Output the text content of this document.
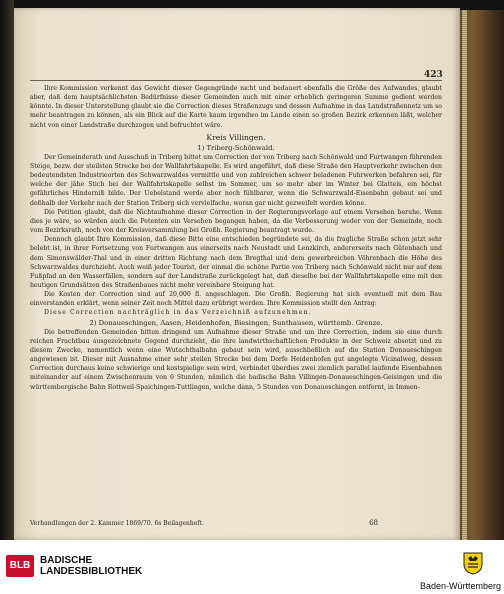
423

Ihre Kommission verkennt das Gewicht dieser Gegengründe nicht und bedauert ebenfalls die Größe des Aufwandes, glaubt aber, daß dem hauptsächlichsten Bedürfnisse dieser Gemeinden auch mit einer erheblich geringeren Summe gedient werden könnte. In dieser Unterstellung glaubt sie die Correction dieses Straßenzugs und dessen Aufnahme in das Landstraßennetz um so mehr beantragen zu können, als ein Blick auf die Karte kaum irgendwo im Lande einen so großen Bezirk erkennen läßt, welcher nicht von einer Landstraße durchzogen und befruchtet wäre.

Kreis Villingen.

1) Triberg-Schönwald.

Der Gemeinderath und Ausschuß in Triberg bittet um Correction der von Triberg nach Schönwald und Furtwangen führenden Steige, bezw. der steilsten Strecke bei der Wallfahrtskapelle. Es wird angeführt, daß diese Straße den Hauptverkehr zwischen den bedeutendsten Industrieorten des Schwarzwaldes vermittle und von zahlreichen schwer beladenen Fuhrwerken befahren sei, für welche der jähe Stich bei der Wallfahrtskapelle selbst im Sommer, um so mehr aber im Winter bei Glatteis, ein höchst gefährliches Hinderniß bilde. Der Uebelstand werde aber noch fühlbarer, wenn die Schwarzwald-Eisenbahn gebaut sei und deßhalb der Verkehr nach der Station Triberg sich vervielfache, woran gar nicht gezweifelt werden könne.

Die Petition glaubt, daß die Nichtaufnahme dieser Correction in der Regierungsvorlage auf einem Versehen beruhe. Wenn dies je wäre, so würden auch die Petenten ein Versehen begangen haben, da die Verbesserung weder von der Gemeinde, noch vom Bezirksrath, noch von der Kreisversammlung bei Großh. Regierung beantragt wurde.

Dennoch glaubt Ihre Kommission, daß diese Bitte eine entschieden begründete sei, da die fragliche Straße schon jetzt sehr belebt ist, in ihrer Fortsetzung von Furtwangen aus einerseits nach Neustadt und Lenzkirch, andererseits nach Gütenbach und dem Simonswälder-Thal und in einer dritten Richtung nach dem Bregthal und dem gewerbreichen Vöhrenbach die Höhe des Schwarzwaldes durchzieht. Auch weiß jeder Tourist, der einmal die schöne Partie von Triberg nach Schönwald nicht nur auf dem Fußpfad an den Wasserfällen, sondern auf der Landstraße zurückgelegt hat, daß dieselbe bei der Wallfahrtskapelle eine mit den heutigen Grundsätzen des Straßenbaues nicht mehr vereinbare Steigung hat.

Die Kosten der Correction sind auf 20,000 fl. angeschlagen. Die Großh. Regierung hat sich eventuell mit dem Bau einverstanden erklärt, wenn seiner Zeit noch Mittel dazu erübrigt werden. Ihre Kommission stellt den Antrag:

Diese Correction nachträglich in das Verzeichniß aufzunehmen.

2) Donaueschingen, Aasen, Heidenhofen, Biesingen, Sunthausen, württemb. Grenze.

Die betreffenden Gemeinden bitten dringend um Aufnahme dieser Straße und um ihre Correction, indem sie eine durch reichen Fruchtbau ausgezeichnete Gegend durchzieht, die ihre landwirthschaftlichen Produkte in der Schweiz absetzt und zu diesem Zwecke, namentlich wenn eine Wutachthalbahn gebaut sein wird, ausschließlich auf die Station Donaueschingen angewiesen ist. Dieser mit Ausnahme einer sehr steilen Strecke bei dem Dorfe Heidenhofen gut angelegte Vicinalweg, dessen Correction durchaus keine schwierige und kostspielige sein wird, verbindet überdies zwei ziemlich parallel laufende Eisenbahnen miteinander auf einem Zwischenraum von 6 Stunden, nämlich die badische Bahn Villingen-Donaueschingen-Geisingen und die württembergische Bahn Rottweil-Spaichingen-Tuttlingen, welche dann, 5 Stunden von Donaueschingen entfernt, in Immen-

Verhandlungen der 2. Kammer 1869/70. 6s Beilagenheft.	68
BLB BADISCHE
LANDESBIBLIOTHEK
Baden-Württemberg
